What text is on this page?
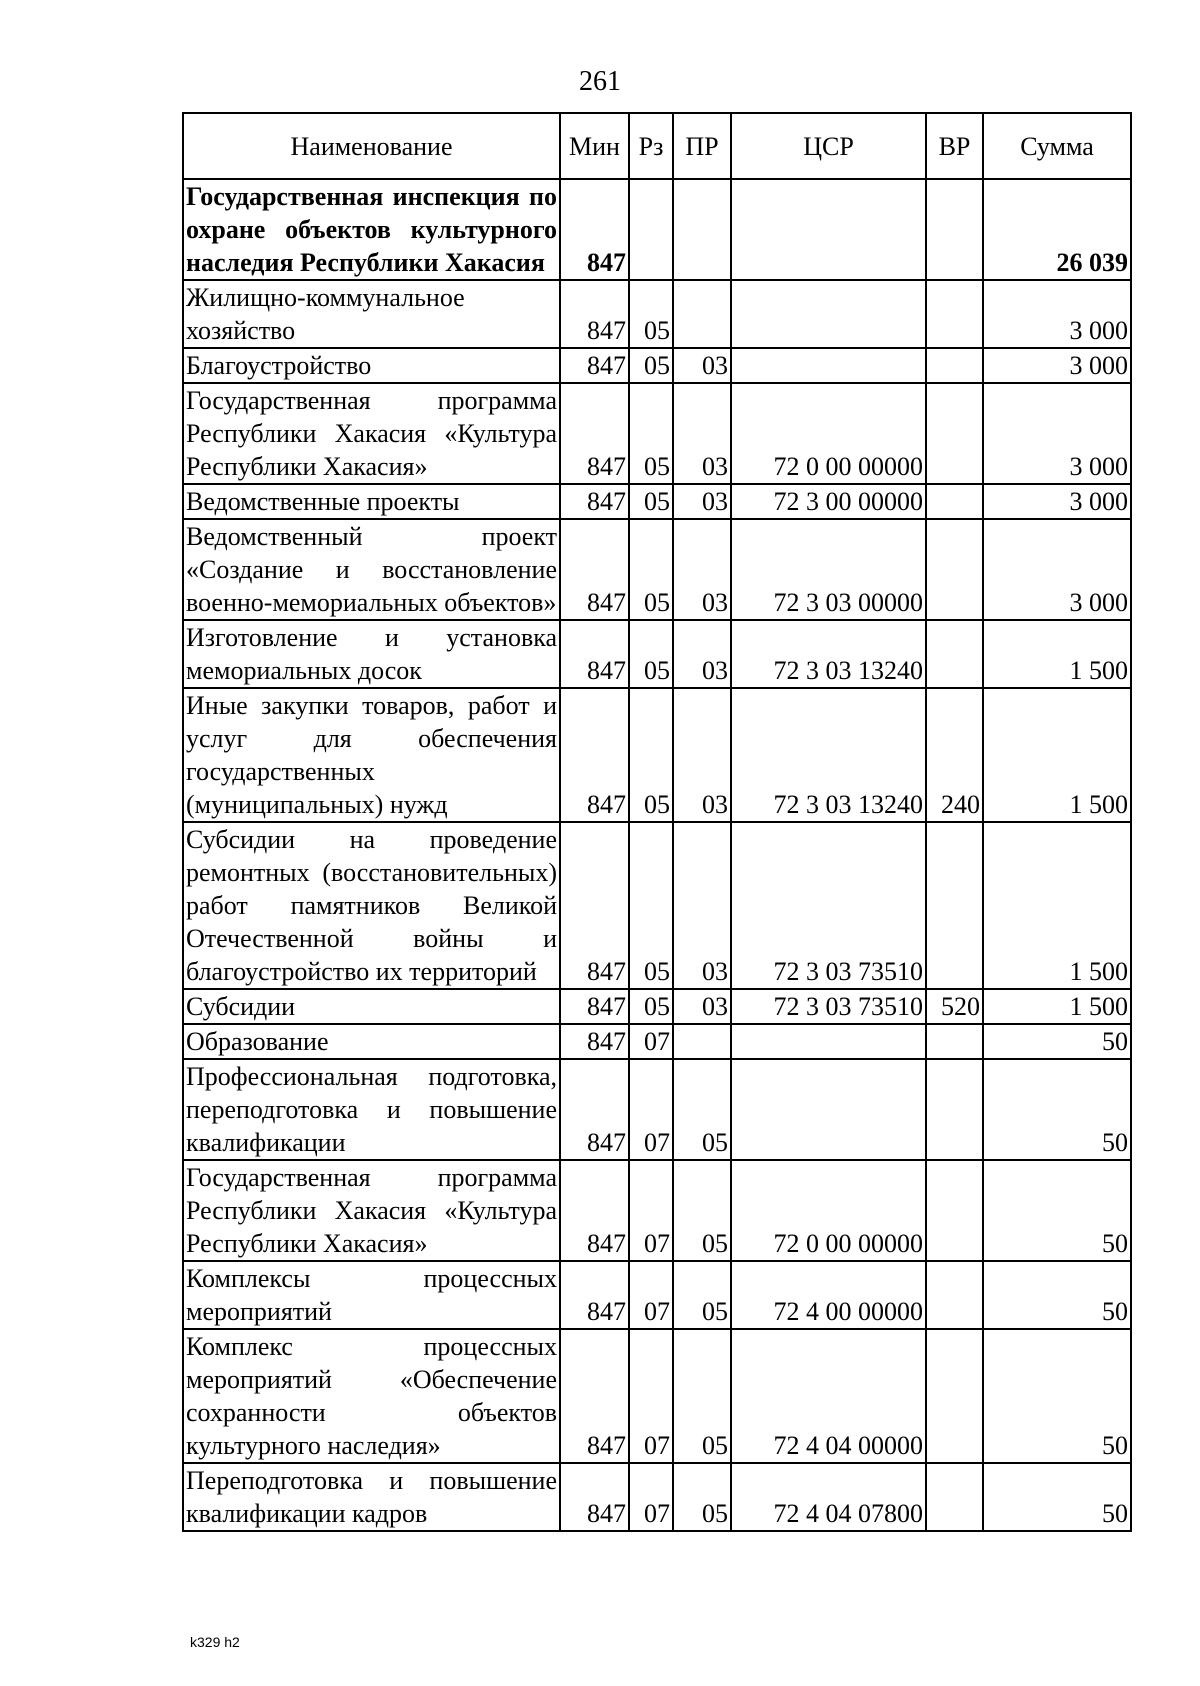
261
Наименование	Мин	Рз	ПР	ЦСР	ВР	Сумма
Государственная инспекция по охране объектов культурного наследия Республики Хакасия	847					26 039
Жилищно-коммунальное хозяйство	847	05				3 000
Благоустройство	847	05	03			3 000
Государственная программа Республики Хакасия «Культура Республики Хакасия»	847	05	03	72 0 00 00000		3 000
Ведомственные проекты	847	05	03	72 3 00 00000		3 000
Ведомственный проект «Создание и восстановление военно-мемориальных объектов»	847	05	03	72 3 03 00000		3 000
Изготовление и установка мемориальных досок	847	05	03	72 3 03 13240		1 500
Иные закупки товаров, работ и услуг для обеспечения государственных (муниципальных) нужд	847	05	03	72 3 03 13240	240	1 500
Субсидии на проведение ремонтных (восстановительных) работ памятников Великой Отечественной войны и благоустройство их территорий	847	05	03	72 3 03 73510		1 500
Субсидии	847	05	03	72 3 03 73510	520	1 500
Образование	847	07				50
Профессиональная подготовка, переподготовка и повышение квалификации	847	07	05			50
Государственная программа Республики Хакасия «Культура Республики Хакасия»	847	07	05	72 0 00 00000		50
Комплексы процессных мероприятий	847	07	05	72 4 00 00000		50
Комплекс процессных мероприятий «Обеспечение сохранности объектов культурного наследия»	847	07	05	72 4 04 00000		50
Переподготовка и повышение квалификации кадров	847	07	05	72 4 04 07800		50
k329 h2
